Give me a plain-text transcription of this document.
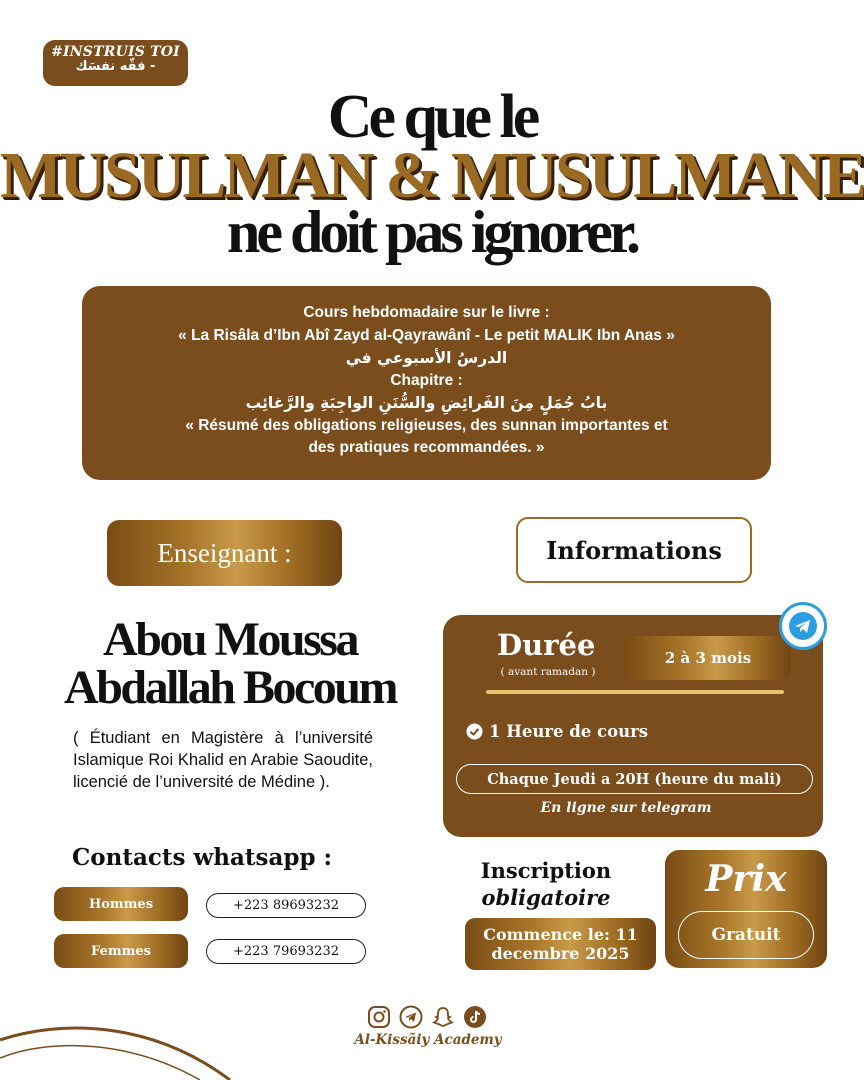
#INSTRUIS TOI
فقّه نفسَك -
Ce que le
MUSULMAN & MUSULMANE
ne doit pas ignorer.
Cours hebdomadaire sur le livre :
« La Risâla d’Ibn Abî Zayd al-Qayrawânî - Le petit MALIK Ibn Anas »
الدرسُ الأسبوعي في
Chapitre :
بابُ جُمَلٍ مِنَ الفَرائِضِ والسُّنَنِ الواجِبَةِ والرَّغائِب
« Résumé des obligations religieuses, des sunnan importantes et
des pratiques recommandées. »
Enseignant :	Informations
Abou Moussa
Abdallah Bocoum
( Étudiant en Magistère à l’université Islamique Roi Khalid en Arabie Saoudite, licencié de l’université de Médine ).
Contacts whatsapp :
Hommes	+223 89693232
Femmes	+223 79693232
Durée
( avant ramadan )
2 à 3 mois
1 Heure de cours
Chaque Jeudi a 20H (heure du mali)
En ligne sur telegram
Inscription
obligatoire
Commence le: 11
decembre 2025
Prix
Gratuit
Al-Kissãiy Academy
